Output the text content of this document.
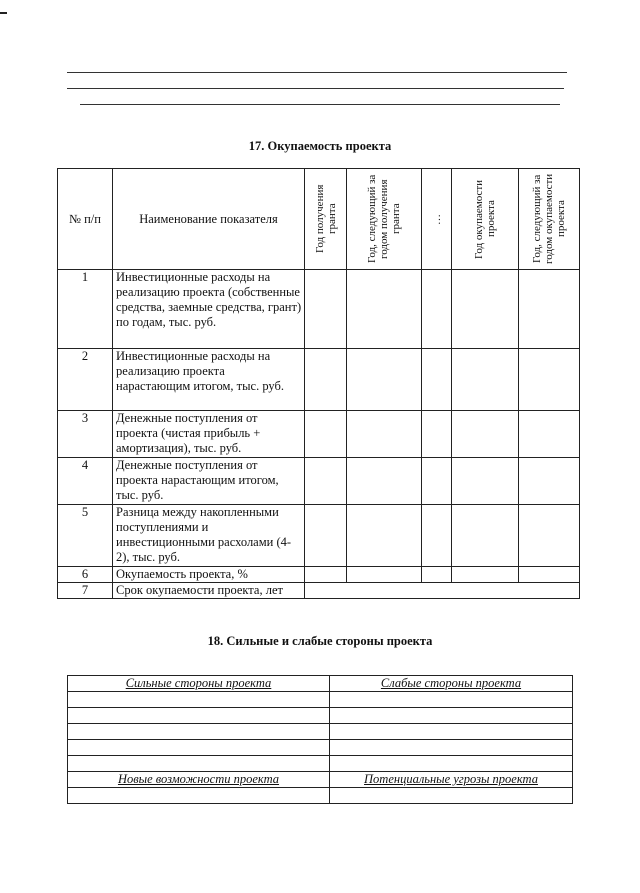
17. Окупаемость проекта
№ п/п	Наименование показателя	Год получения гранта	Год, следующий за годом получения гранта	…	Год окупаемости проекта	Год, следующий за годом окупаемости проекта

1	Инвестиционные расходы на реализацию проекта (собственные средства, заемные средства, грант) по годам, тыс. руб.					
2	Инвестиционные расходы на реализацию проекта нарастающим итогом, тыс. руб.					
3	Денежные поступления от проекта (чистая прибыль + амортизация), тыс. руб.					
4	Денежные поступления от проекта нарастающим итогом, тыс. руб.					
5	Разница между накопленными поступлениями и инвестиционными расхолами (4-2), тыс. руб.					
6	Окупаемость проекта, %					
7	Срок окупаемости проекта, лет					
18. Сильные и слабые стороны проекта
Сильные стороны проекта	Слабые стороны проекта

Новые возможности проекта	Потенциальные угрозы проекта
